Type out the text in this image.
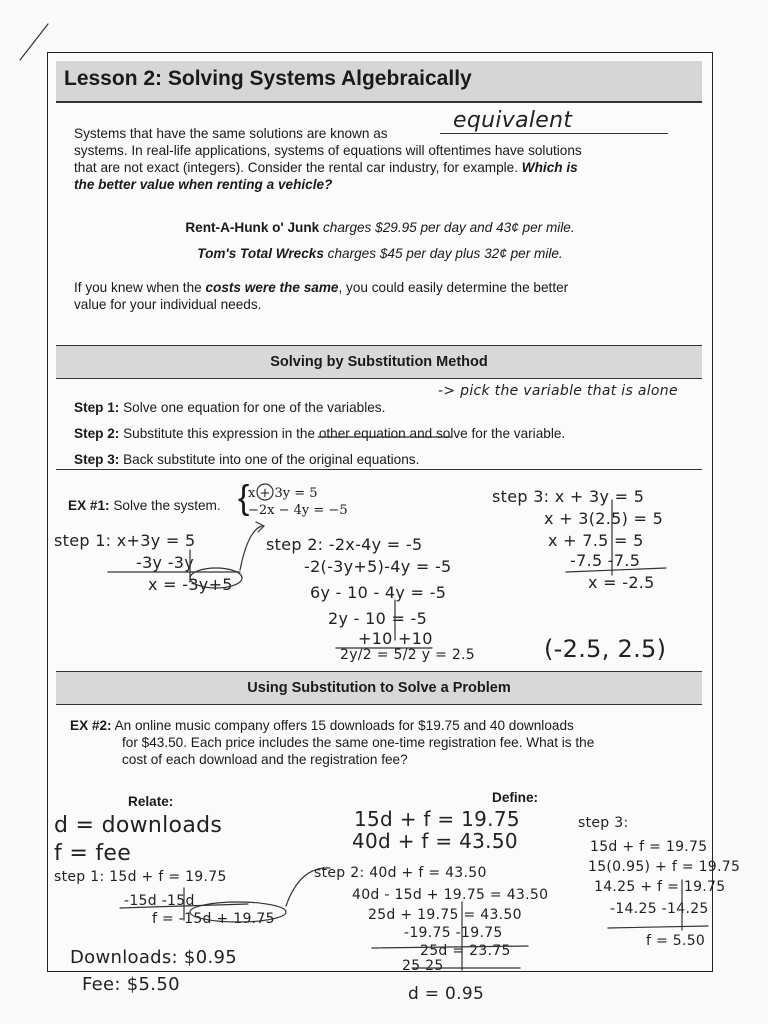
Lesson 2: Solving Systems Algebraically
Systems that have the same solutions are known as
systems. In real-life applications, systems of equations will oftentimes have solutions
that are not exact (integers). Consider the rental car industry, for example. Which is
the better value when renting a vehicle?
equivalent
Rent-A-Hunk o' Junk charges $29.95 per day and 43¢ per mile.
Tom's Total Wrecks charges $45 per day plus 32¢ per mile.
If you knew when the costs were the same, you could easily determine the better
value for your individual needs.
Solving by Substitution Method
Step 1: Solve one equation for one of the variables.
-> pick the variable that is alone
Step 2: Substitute this expression in the other equation and solve for the variable.
Step 3: Back substitute into one of the original equations.
EX #1: Solve the system.
x + 3y = 5
−2x − 4y = −5
{
step 1: x+3y = 5
-3y -3y
x = -3y+5
step 2: -2x-4y = -5
-2(-3y+5)-4y = -5
6y - 10 - 4y = -5
2y - 10 = -5
+10 +10
2y/2 = 5/2 y = 2.5
step 3: x + 3y = 5
x + 3(2.5) = 5
x + 7.5 = 5
-7.5 -7.5
x = -2.5
(-2.5, 2.5)
Using Substitution to Solve a Problem
EX #2: An online music company offers 15 downloads for $19.75 and 40 downloads
for $43.50. Each price includes the same one-time registration fee. What is the
cost of each download and the registration fee?
Relate:	Define:
d = downloads
f = fee
15d + f = 19.75
40d + f = 43.50
step 1: 15d + f = 19.75
-15d -15d
f = -15d + 19.75
step 2: 40d + f = 43.50
40d - 15d + 19.75 = 43.50
25d + 19.75 = 43.50
-19.75 -19.75
25d = 23.75
step 3:
15d + f = 19.75
15(0.95) + f = 19.75
14.25 + f = 19.75
-14.25 -14.25
f = 5.50
Downloads: $0.95	25 25
d = 0.95
Fee: $5.50
